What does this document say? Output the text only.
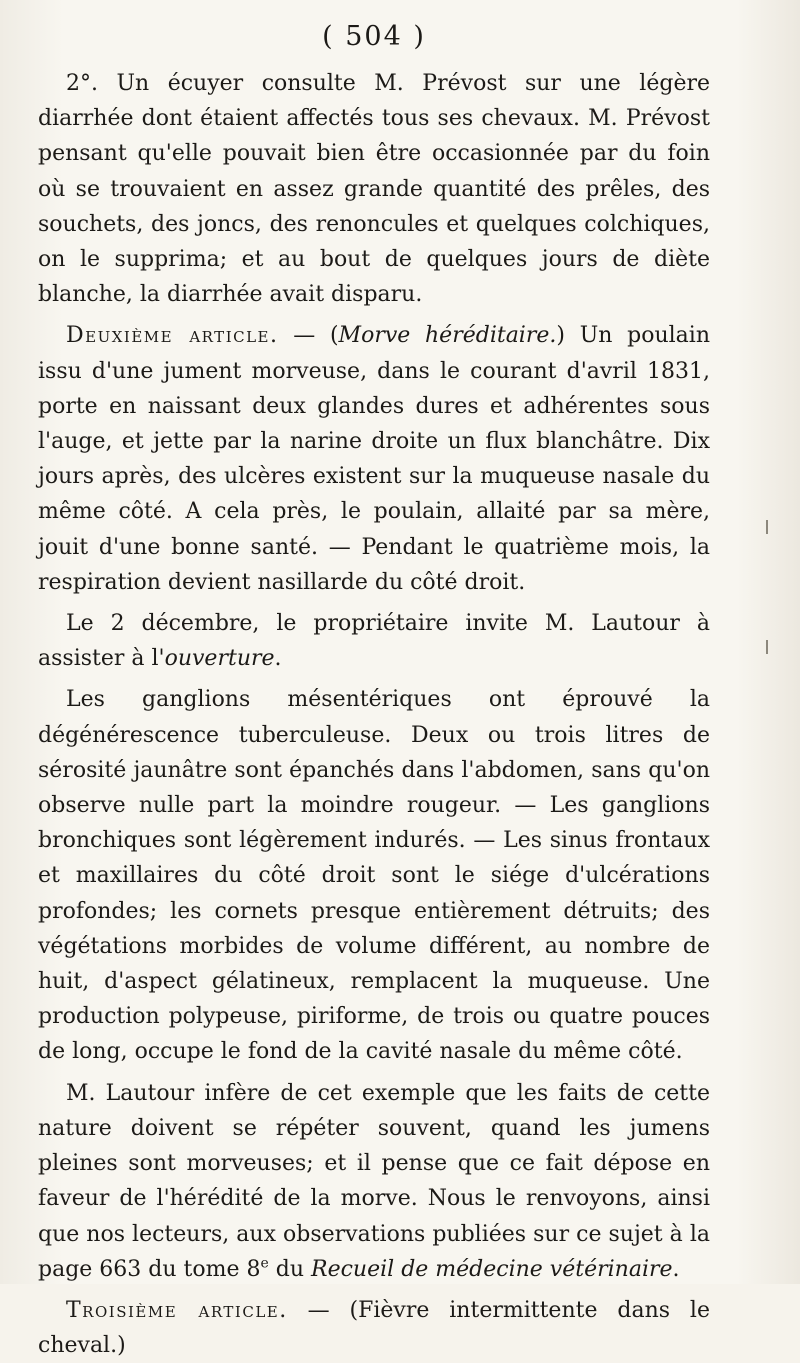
( 504 )

2°. Un écuyer consulte M. Prévost sur une légère diarrhée dont étaient affectés tous ses chevaux. M. Prévost pensant qu'elle pouvait bien être occasionnée par du foin où se trouvaient en assez grande quantité des prêles, des souchets, des joncs, des renoncules et quelques colchiques, on le supprima; et au bout de quelques jours de diète blanche, la diarrhée avait disparu.

Deuxième article. — (Morve héréditaire.) Un poulain issu d'une jument morveuse, dans le courant d'avril 1831, porte en naissant deux glandes dures et adhérentes sous l'auge, et jette par la narine droite un flux blanchâtre. Dix jours après, des ulcères existent sur la muqueuse nasale du même côté. A cela près, le poulain, allaité par sa mère, jouit d'une bonne santé. — Pendant le quatrième mois, la respiration devient nasillarde du côté droit.

Le 2 décembre, le propriétaire invite M. Lautour à assister à l'ouverture.

Les ganglions mésentériques ont éprouvé la dégénérescence tuberculeuse. Deux ou trois litres de sérosité jaunâtre sont épanchés dans l'abdomen, sans qu'on observe nulle part la moindre rougeur. — Les ganglions bronchiques sont légèrement indurés. — Les sinus frontaux et maxillaires du côté droit sont le siége d'ulcérations profondes; les cornets presque entièrement détruits; des végétations morbides de volume différent, au nombre de huit, d'aspect gélatineux, remplacent la muqueuse. Une production polypeuse, piriforme, de trois ou quatre pouces de long, occupe le fond de la cavité nasale du même côté.

M. Lautour infère de cet exemple que les faits de cette nature doivent se répéter souvent, quand les jumens pleines sont morveuses; et il pense que ce fait dépose en faveur de l'hérédité de la morve. Nous le renvoyons, ainsi que nos lecteurs, aux observations publiées sur ce sujet à la page 663 du tome 8e du Recueil de médecine vétérinaire.

Troisième article. — (Fièvre intermittente dans le cheval.)
